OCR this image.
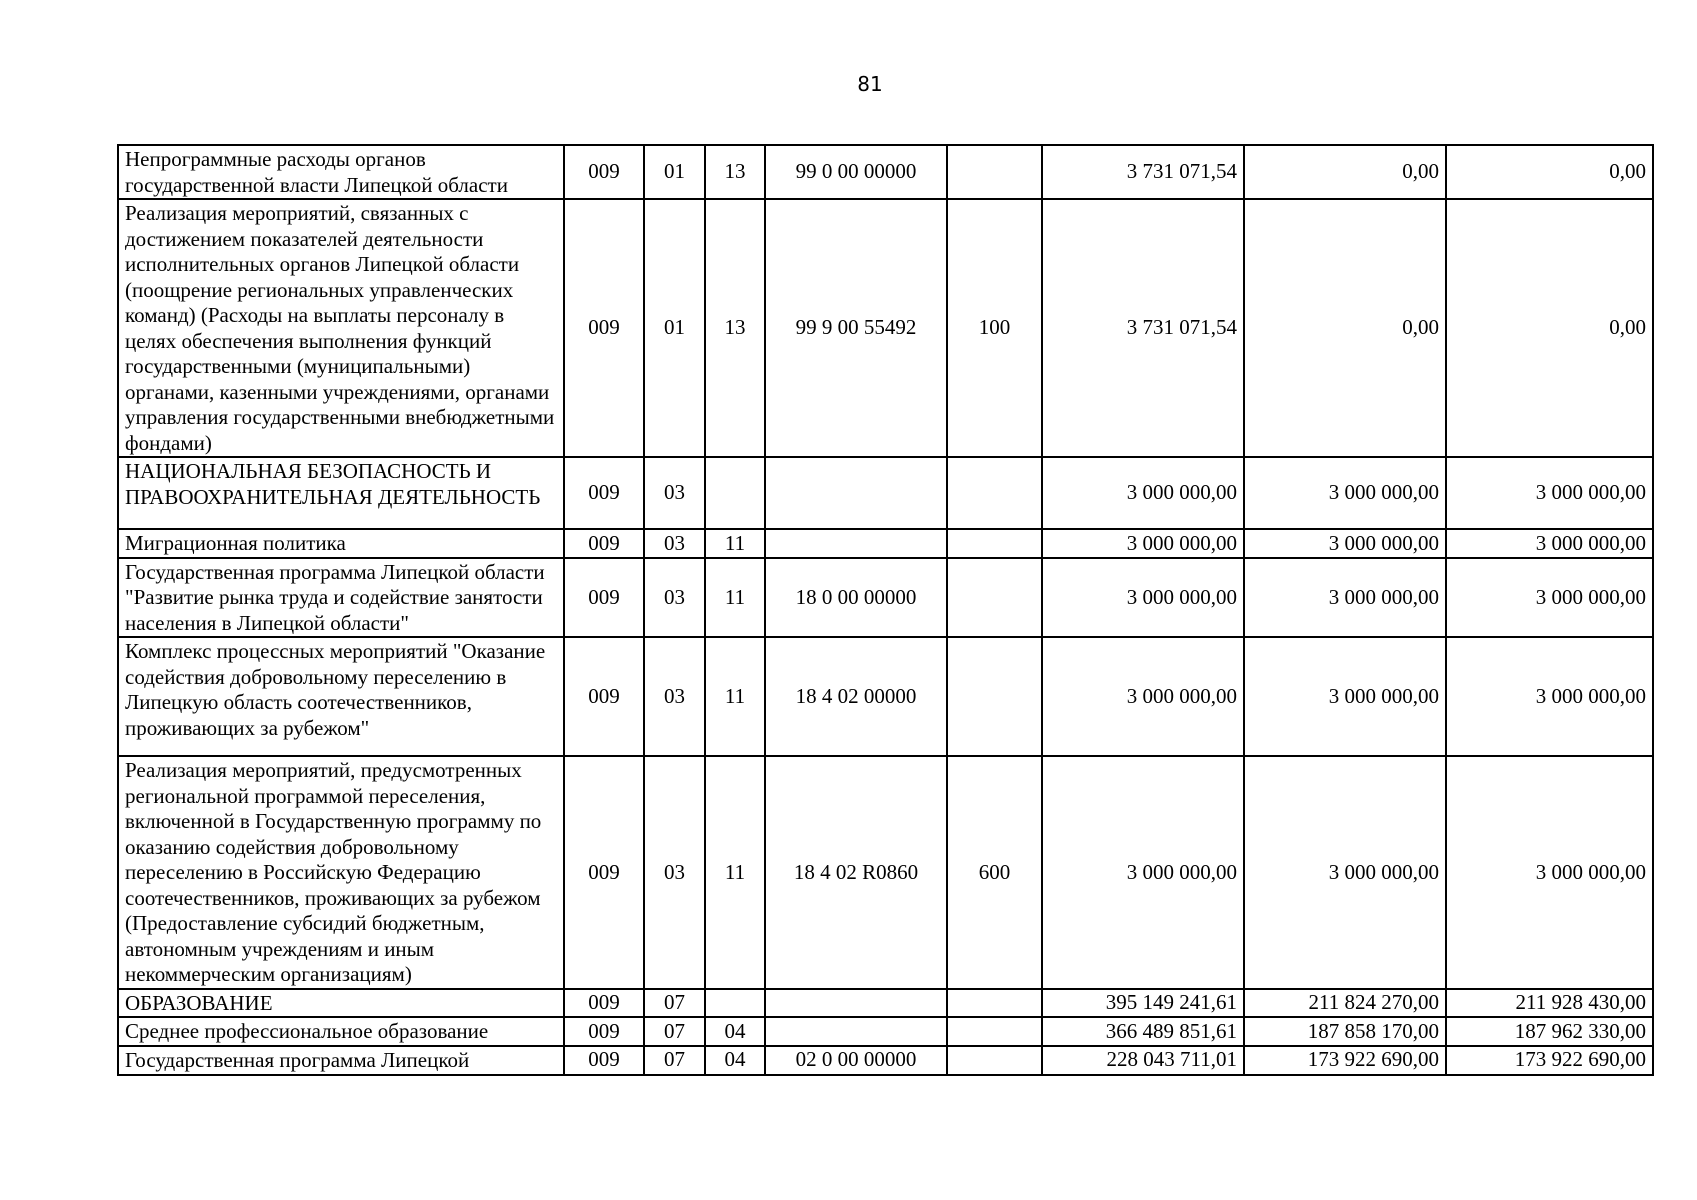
81
Непрограммные расходы органов государственной власти Липецкой области	009	01	13	99 0 00 00000		3 731 071,54	0,00	0,00
Реализация мероприятий, связанных с достижением показателей деятельности исполнительных органов Липецкой области (поощрение региональных управленческих команд) (Расходы на выплаты персоналу в целях обеспечения выполнения функций государственными (муниципальными) органами, казенными учреждениями, органами управления государственными внебюджетными фондами)	009	01	13	99 9 00 55492	100	3 731 071,54	0,00	0,00
НАЦИОНАЛЬНАЯ БЕЗОПАСНОСТЬ И ПРАВООХРАНИТЕЛЬНАЯ ДЕЯТЕЛЬНОСТЬ	009	03				3 000 000,00	3 000 000,00	3 000 000,00
Миграционная политика	009	03	11			3 000 000,00	3 000 000,00	3 000 000,00
Государственная программа Липецкой области "Развитие рынка труда и содействие занятости населения в Липецкой области"	009	03	11	18 0 00 00000		3 000 000,00	3 000 000,00	3 000 000,00
Комплекс процессных мероприятий "Оказание содействия добровольному переселению в Липецкую область соотечественников, проживающих за рубежом"	009	03	11	18 4 02 00000		3 000 000,00	3 000 000,00	3 000 000,00
Реализация мероприятий, предусмотренных региональной программой переселения, включенной в Государственную программу по оказанию содействия добровольному переселению в Российскую Федерацию соотечественников, проживающих за рубежом (Предоставление субсидий бюджетным, автономным учреждениям и иным некоммерческим организациям)	009	03	11	18 4 02 R0860	600	3 000 000,00	3 000 000,00	3 000 000,00
ОБРАЗОВАНИЕ	009	07				395 149 241,61	211 824 270,00	211 928 430,00
Среднее профессиональное образование	009	07	04			366 489 851,61	187 858 170,00	187 962 330,00
Государственная программа Липецкой	009	07	04	02 0 00 00000		228 043 711,01	173 922 690,00	173 922 690,00
